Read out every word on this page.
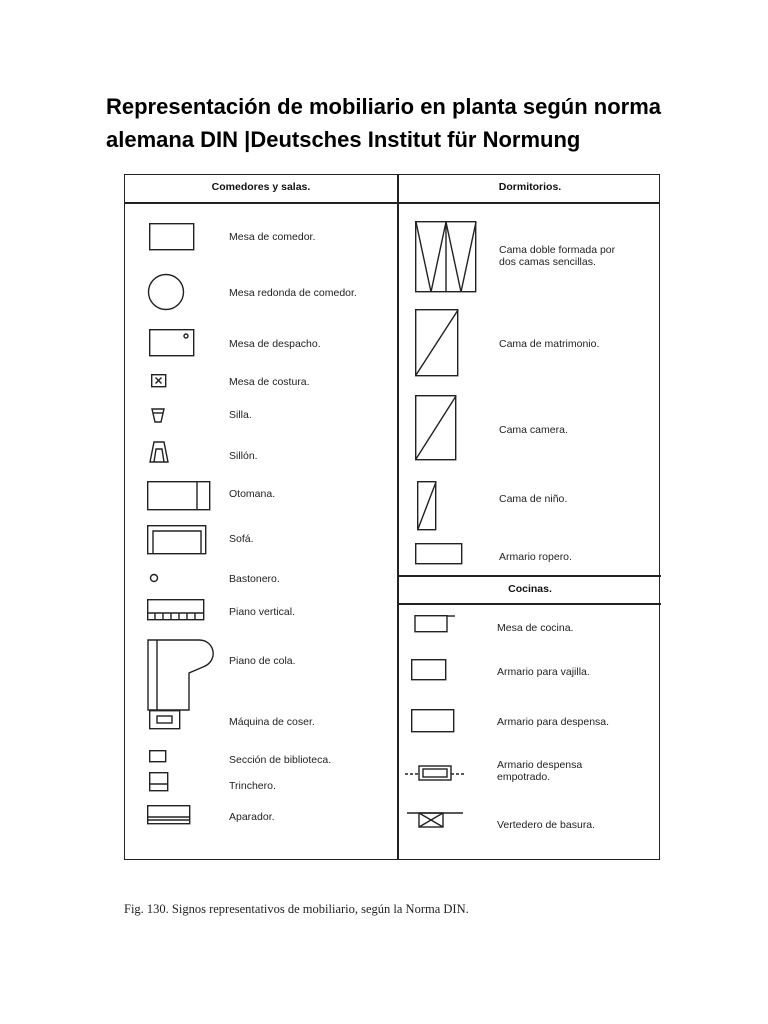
Representación de mobiliario en planta según norma alemana DIN |Deutsches Institut für Normung
Comedores y salas.	Dormitorios.
Cocinas.
Mesa de comedor.
Mesa redonda de comedor.
Mesa de despacho.
Mesa de costura.
Silla.
Sillón.
Otomana.
Sofá.
Bastonero.
Piano vertical.
Piano de cola.
Máquina de coser.
Sección de biblioteca.
Trinchero.
Aparador.
Cama doble formada por
dos camas sencillas.
Cama de matrimonio.
Cama camera.
Cama de niño.
Armario ropero.
Mesa de cocina.
Armario para vajilla.
Armario para despensa.
Armario despensa
empotrado.
Vertedero de basura.
Fig. 130. Signos representativos de mobiliario, según la Norma DIN.
